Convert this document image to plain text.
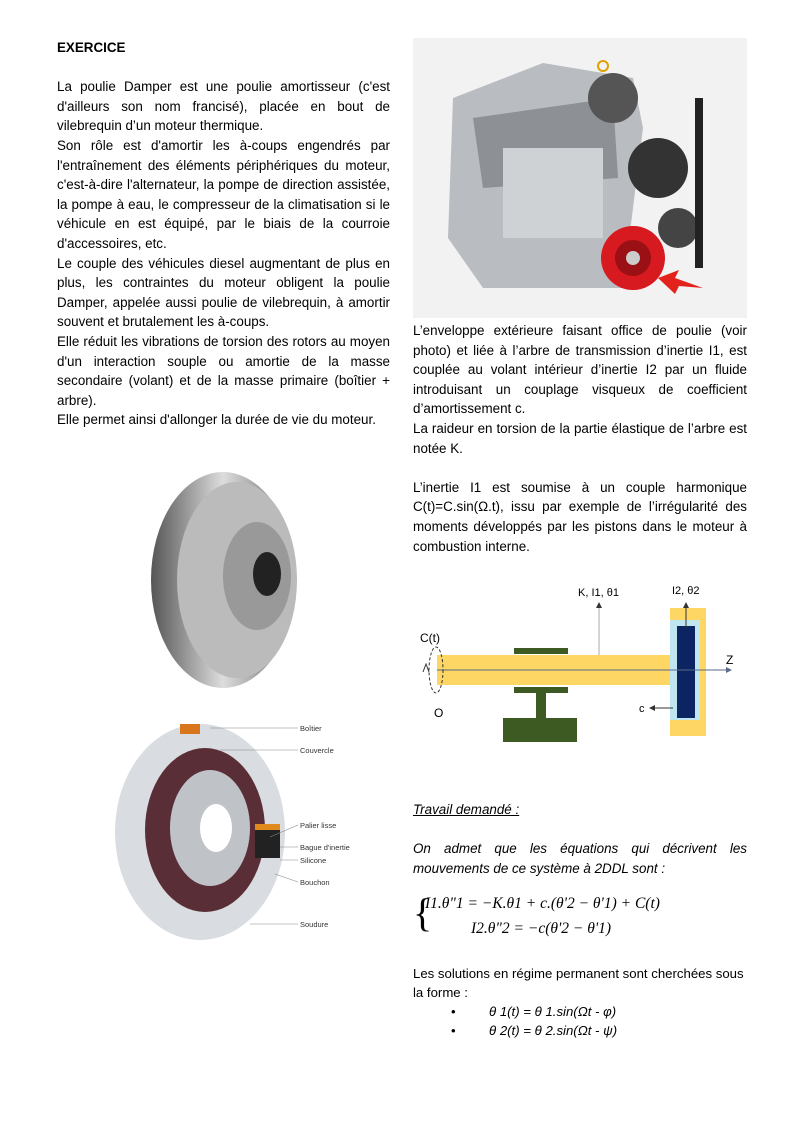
EXERCICE

La poulie Damper est une poulie amortisseur (c'est d'ailleurs son nom francisé), placée en bout de vilebrequin d’un moteur thermique.

Son rôle est d'amortir les à-coups engendrés par l'entraînement des éléments périphériques du moteur, c'est-à-dire l'alternateur, la pompe de direction assistée, la pompe à eau, le compresseur de la climatisation si le véhicule en est équipé, par le biais de la courroie d'accessoires, etc.

Le couple des véhicules diesel augmentant de plus en plus, les contraintes du moteur obligent la poulie Damper, appelée aussi poulie de vilebrequin, à amortir souvent et brutalement les à-coups.

Elle réduit les vibrations de torsion des rotors au moyen d'un interaction souple ou amortie de la masse secondaire (volant) et de la masse primaire (boîtier + arbre).

Elle permet ainsi d'allonger la durée de vie du moteur.

Boîtier
Couvercle
Palier lisse
Bague d'inertie
Silicone
Bouchon
Soudure

L’enveloppe extérieure faisant office de poulie (voir photo) et liée à l’arbre de transmission d’inertie I1, est couplée au volant intérieur d’inertie I2 par un fluide introduisant un couplage visqueux de coefficient d’amortissement c.

La raideur en torsion de la partie élastique de l’arbre est notée K.

L’inertie I1 est soumise à un couple harmonique C(t)=C.sin(Ω.t), issu par exemple de l’irrégularité des moments développés par les pistons dans le moteur à combustion interne.

K, I1, θ1	I2, θ2
C(t)
O
Z
c

Travail demandé :

On admet que les équations qui décrivent les mouvements de ce système à 2DDL sont :

{
I1.θ"1 = −K.θ1 + c.(θ'2 − θ'1) + C(t)
I2.θ"2 = −c(θ'2 − θ'1)
Les solutions en régime permanent sont cherchées sous la forme :
• θ 1(t) = θ 1.sin(Ωt - φ)
• θ 2(t) = θ 2.sin(Ωt - ψ)
